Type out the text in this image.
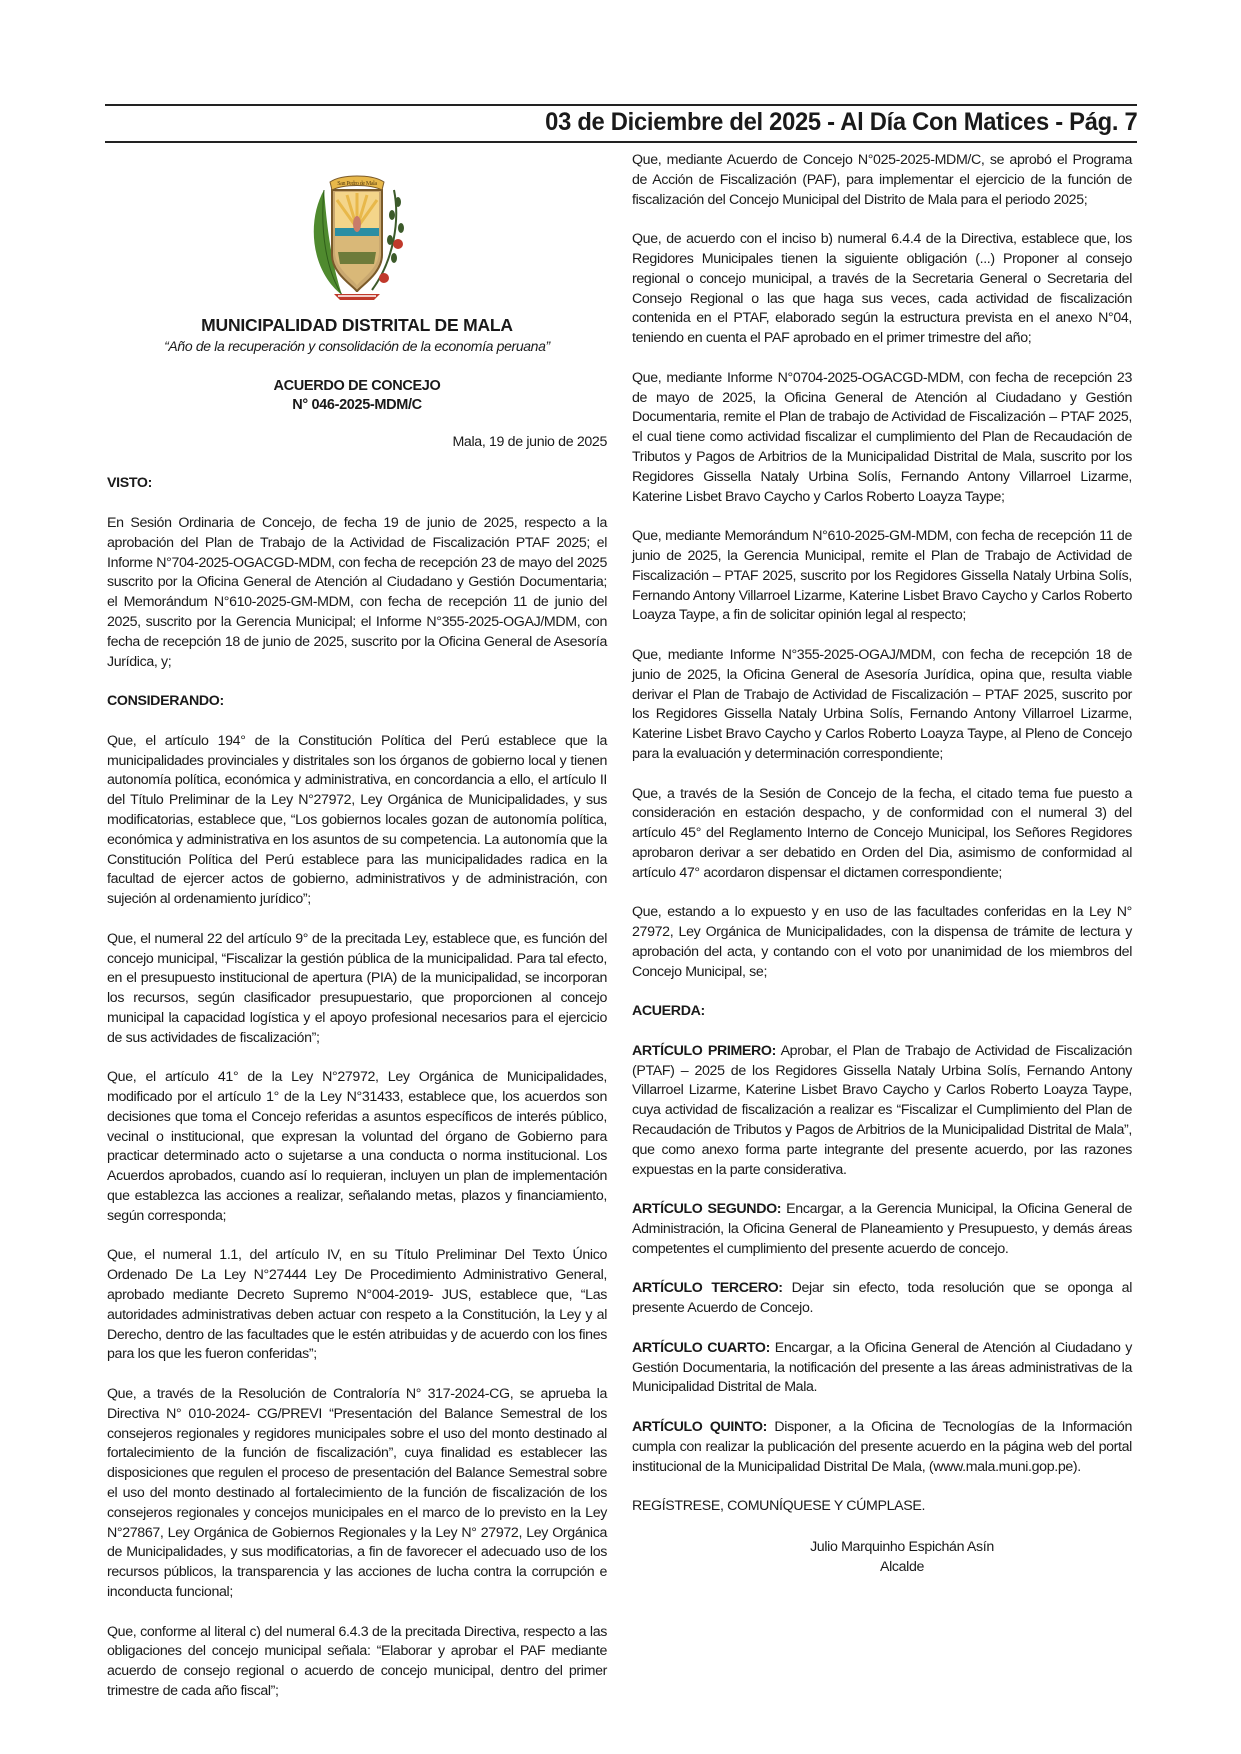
03 de Diciembre del 2025 - Al Día Con Matices - Pág. 7
San Pedro de Mala
MUNICIPALIDAD DISTRITAL DE MALA
“Año de la recuperación y consolidación de la economía peruana”
ACUERDO DE CONCEJO
N° 046-2025-MDM/C
Mala, 19 de junio de 2025

VISTO:

En Sesión Ordinaria de Concejo, de fecha 19 de junio de 2025, respecto a la aprobación del Plan de Trabajo de la Actividad de Fiscalización PTAF 2025; el Informe N°704-2025-OGACGD-MDM, con fecha de recepción 23 de mayo del 2025 suscrito por la Oficina General de Atención al Ciudadano y Gestión Documentaria; el Memorándum N°610-2025-GM-MDM, con fecha de recepción 11 de junio del 2025, suscrito por la Gerencia Municipal; el Informe N°355-2025-OGAJ/MDM, con fecha de recepción 18 de junio de 2025, suscrito por la Oficina General de Asesoría Jurídica, y;

CONSIDERANDO:

Que, el artículo 194° de la Constitución Política del Perú establece que la municipalidades provinciales y distritales son los órganos de gobierno local y tienen autonomía política, económica y administrativa, en concordancia a ello, el artículo II del Título Preliminar de la Ley N°27972, Ley Orgánica de Municipalidades, y sus modificatorias, establece que, “Los gobiernos locales gozan de autonomía política, económica y administrativa en los asuntos de su competencia. La autonomía que la Constitución Política del Perú establece para las municipalidades radica en la facultad de ejercer actos de gobierno, administrativos y de administración, con sujeción al ordenamiento jurídico”;

Que, el numeral 22 del artículo 9° de la precitada Ley, establece que, es función del concejo municipal, “Fiscalizar la gestión pública de la municipalidad. Para tal efecto, en el presupuesto institucional de apertura (PIA) de la municipalidad, se incorporan los recursos, según clasificador presupuestario, que proporcionen al concejo municipal la capacidad logística y el apoyo profesional necesarios para el ejercicio de sus actividades de fiscalización”;

Que, el artículo 41° de la Ley N°27972, Ley Orgánica de Municipalidades, modificado por el artículo 1° de la Ley N°31433, establece que, los acuerdos son decisiones que toma el Concejo referidas a asuntos específicos de interés público, vecinal o institucional, que expresan la voluntad del órgano de Gobierno para practicar determinado acto o sujetarse a una conducta o norma institucional. Los Acuerdos aprobados, cuando así lo requieran, incluyen un plan de implementación que establezca las acciones a realizar, señalando metas, plazos y financiamiento, según corresponda;

Que, el numeral 1.1, del artículo IV, en su Título Preliminar Del Texto Único Ordenado De La Ley N°27444 Ley De Procedimiento Administrativo General, aprobado mediante Decreto Supremo N°004-2019- JUS, establece que, “Las autoridades administrativas deben actuar con respeto a la Constitución, la Ley y al Derecho, dentro de las facultades que le estén atribuidas y de acuerdo con los fines para los que les fueron conferidas”;

Que, a través de la Resolución de Contraloría N° 317-2024-CG, se aprueba la Directiva N° 010-2024- CG/PREVI “Presentación del Balance Semestral de los consejeros regionales y regidores municipales sobre el uso del monto destinado al fortalecimiento de la función de fiscalización”, cuya finalidad es establecer las disposiciones que regulen el proceso de presentación del Balance Semestral sobre el uso del monto destinado al fortalecimiento de la función de fiscalización de los consejeros regionales y concejos municipales en el marco de lo previsto en la Ley N°27867, Ley Orgánica de Gobiernos Regionales y la Ley N° 27972, Ley Orgánica de Municipalidades, y sus modificatorias, a fin de favorecer el adecuado uso de los recursos públicos, la transparencia y las acciones de lucha contra la corrupción e inconducta funcional;

Que, conforme al literal c) del numeral 6.4.3 de la precitada Directiva, respecto a las obligaciones del concejo municipal señala: “Elaborar y aprobar el PAF mediante acuerdo de consejo regional o acuerdo de concejo municipal, dentro del primer trimestre de cada año fiscal”;

Que, mediante Acuerdo de Concejo N°025-2025-MDM/C, se aprobó el Programa de Acción de Fiscalización (PAF), para implementar el ejercicio de la función de fiscalización del Concejo Municipal del Distrito de Mala para el periodo 2025;

Que, de acuerdo con el inciso b) numeral 6.4.4 de la Directiva, establece que, los Regidores Municipales tienen la siguiente obligación (...) Proponer al consejo regional o concejo municipal, a través de la Secretaria General o Secretaria del Consejo Regional o las que haga sus veces, cada actividad de fiscalización contenida en el PTAF, elaborado según la estructura prevista en el anexo N°04, teniendo en cuenta el PAF aprobado en el primer trimestre del año;

Que, mediante Informe N°0704-2025-OGACGD-MDM, con fecha de recepción 23 de mayo de 2025, la Oficina General de Atención al Ciudadano y Gestión Documentaria, remite el Plan de trabajo de Actividad de Fiscalización – PTAF 2025, el cual tiene como actividad fiscalizar el cumplimiento del Plan de Recaudación de Tributos y Pagos de Arbitrios de la Municipalidad Distrital de Mala, suscrito por los Regidores Gissella Nataly Urbina Solís, Fernando Antony Villarroel Lizarme, Katerine Lisbet Bravo Caycho y Carlos Roberto Loayza Taype;

Que, mediante Memorándum N°610-2025-GM-MDM, con fecha de recepción 11 de junio de 2025, la Gerencia Municipal, remite el Plan de Trabajo de Actividad de Fiscalización – PTAF 2025, suscrito por los Regidores Gissella Nataly Urbina Solís, Fernando Antony Villarroel Lizarme, Katerine Lisbet Bravo Caycho y Carlos Roberto Loayza Taype, a fin de solicitar opinión legal al respecto;

Que, mediante Informe N°355-2025-OGAJ/MDM, con fecha de recepción 18 de junio de 2025, la Oficina General de Asesoría Jurídica, opina que, resulta viable derivar el Plan de Trabajo de Actividad de Fiscalización – PTAF 2025, suscrito por los Regidores Gissella Nataly Urbina Solís, Fernando Antony Villarroel Lizarme, Katerine Lisbet Bravo Caycho y Carlos Roberto Loayza Taype, al Pleno de Concejo para la evaluación y determinación correspondiente;

Que, a través de la Sesión de Concejo de la fecha, el citado tema fue puesto a consideración en estación despacho, y de conformidad con el numeral 3) del artículo 45° del Reglamento Interno de Concejo Municipal, los Señores Regidores aprobaron derivar a ser debatido en Orden del Dia, asimismo de conformidad al artículo 47° acordaron dispensar el dictamen correspondiente;

Que, estando a lo expuesto y en uso de las facultades conferidas en la Ley N° 27972, Ley Orgánica de Municipalidades, con la dispensa de trámite de lectura y aprobación del acta, y contando con el voto por unanimidad de los miembros del Concejo Municipal, se;

ACUERDA:

ARTÍCULO PRIMERO: Aprobar, el Plan de Trabajo de Actividad de Fiscalización (PTAF) – 2025 de los Regidores Gissella Nataly Urbina Solís, Fernando Antony Villarroel Lizarme, Katerine Lisbet Bravo Caycho y Carlos Roberto Loayza Taype, cuya actividad de fiscalización a realizar es “Fiscalizar el Cumplimiento del Plan de Recaudación de Tributos y Pagos de Arbitrios de la Municipalidad Distrital de Mala”, que como anexo forma parte integrante del presente acuerdo, por las razones expuestas en la parte considerativa.

ARTÍCULO SEGUNDO: Encargar, a la Gerencia Municipal, la Oficina General de Administración, la Oficina General de Planeamiento y Presupuesto, y demás áreas competentes el cumplimiento del presente acuerdo de concejo.

ARTÍCULO TERCERO: Dejar sin efecto, toda resolución que se oponga al presente Acuerdo de Concejo.

ARTÍCULO CUARTO: Encargar, a la Oficina General de Atención al Ciudadano y Gestión Documentaria, la notificación del presente a las áreas administrativas de la Municipalidad Distrital de Mala.

ARTÍCULO QUINTO: Disponer, a la Oficina de Tecnologías de la Información cumpla con realizar la publicación del presente acuerdo en la página web del portal institucional de la Municipalidad Distrital De Mala, (www.mala.muni.gop.pe).

REGÍSTRESE, COMUNÍQUESE Y CÚMPLASE.

Julio Marquinho Espichán Asín
Alcalde
